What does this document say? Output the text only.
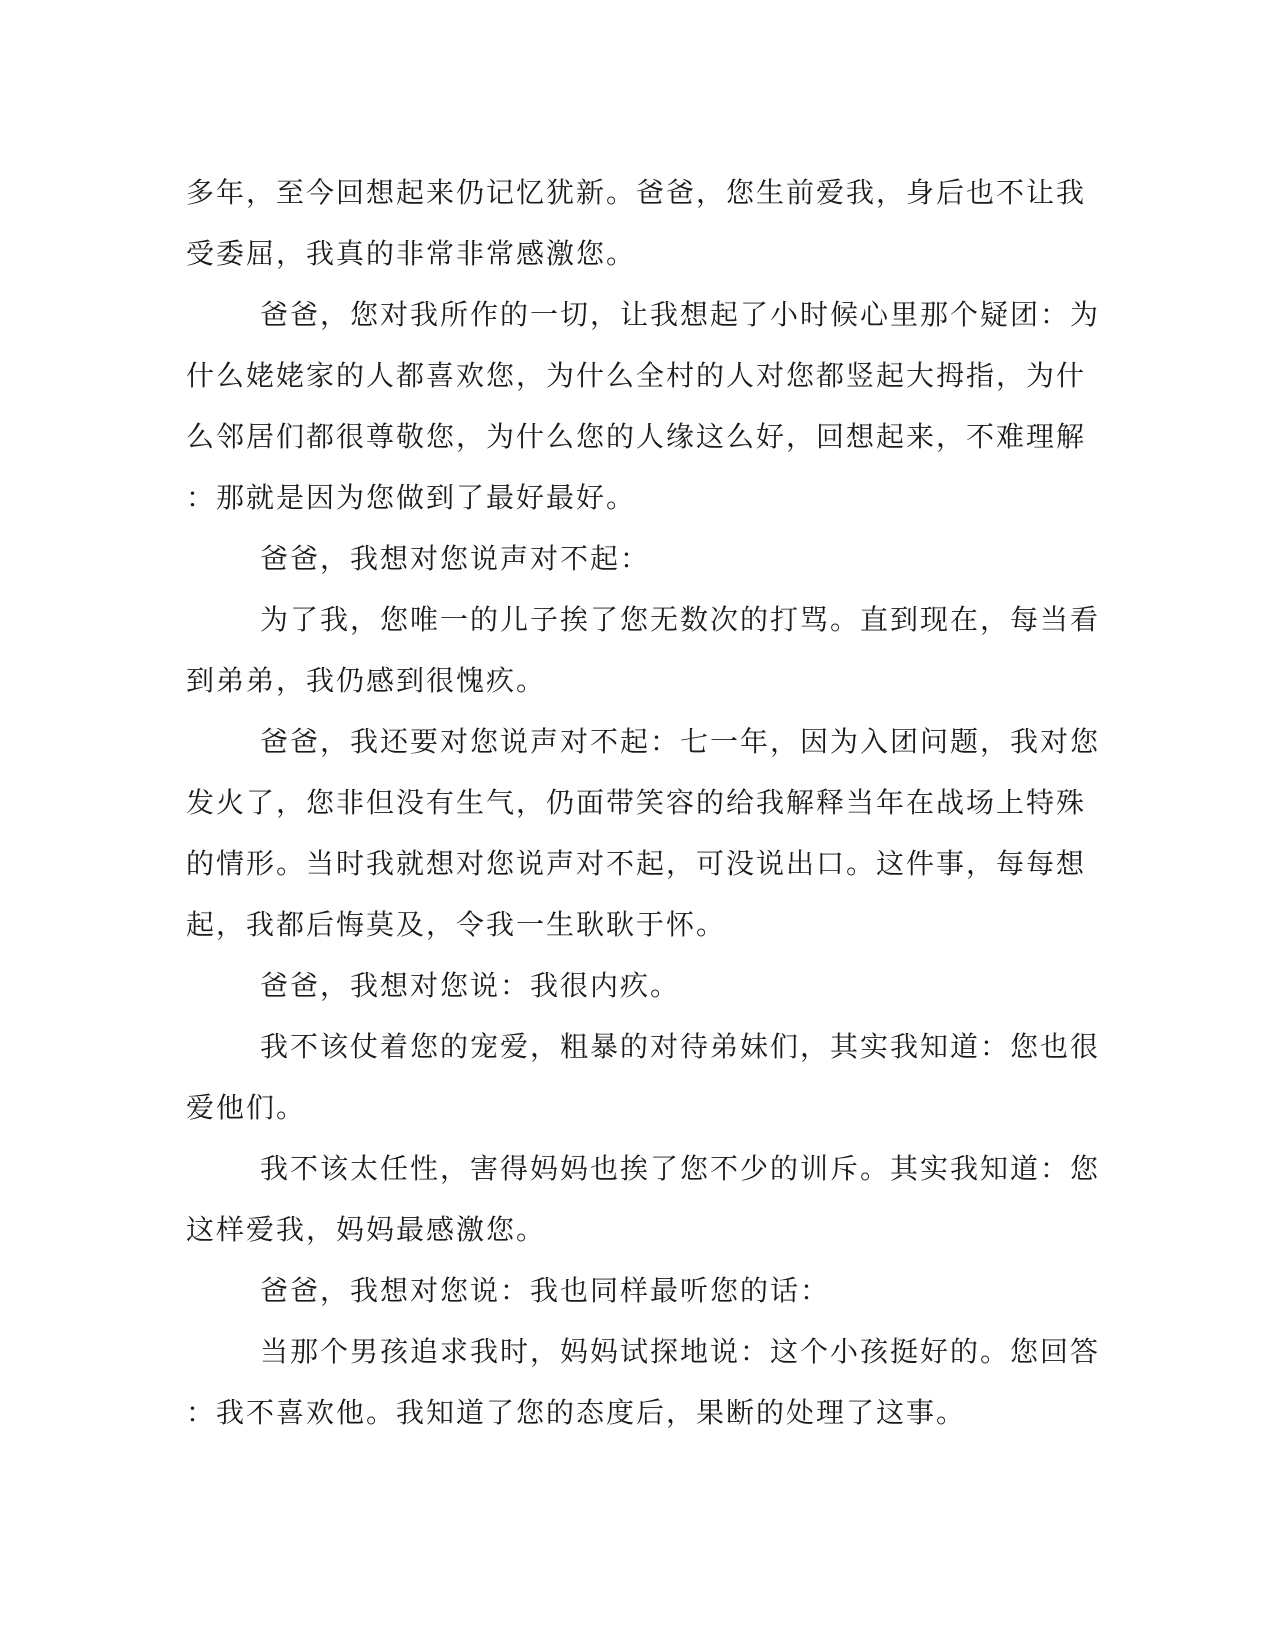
多年，至今回想起来仍记忆犹新。爸爸，您生前爱我，身后也不让我
受委屈，我真的非常非常感激您。
爸爸，您对我所作的一切，让我想起了小时候心里那个疑团：为
什么姥姥家的人都喜欢您，为什么全村的人对您都竖起大拇指，为什
么邻居们都很尊敬您，为什么您的人缘这么好，回想起来，不难理解
：那就是因为您做到了最好最好。
爸爸，我想对您说声对不起：
为了我，您唯一的儿子挨了您无数次的打骂。直到现在，每当看
到弟弟，我仍感到很愧疚。
爸爸，我还要对您说声对不起：七一年，因为入团问题，我对您
发火了，您非但没有生气，仍面带笑容的给我解释当年在战场上特殊
的情形。当时我就想对您说声对不起，可没说出口。这件事，每每想
起，我都后悔莫及，令我一生耿耿于怀。
爸爸，我想对您说：我很内疚。
我不该仗着您的宠爱，粗暴的对待弟妹们，其实我知道：您也很
爱他们。
我不该太任性，害得妈妈也挨了您不少的训斥。其实我知道：您
这样爱我，妈妈最感激您。
爸爸，我想对您说：我也同样最听您的话：
当那个男孩追求我时，妈妈试探地说：这个小孩挺好的。您回答
：我不喜欢他。我知道了您的态度后，果断的处理了这事。
